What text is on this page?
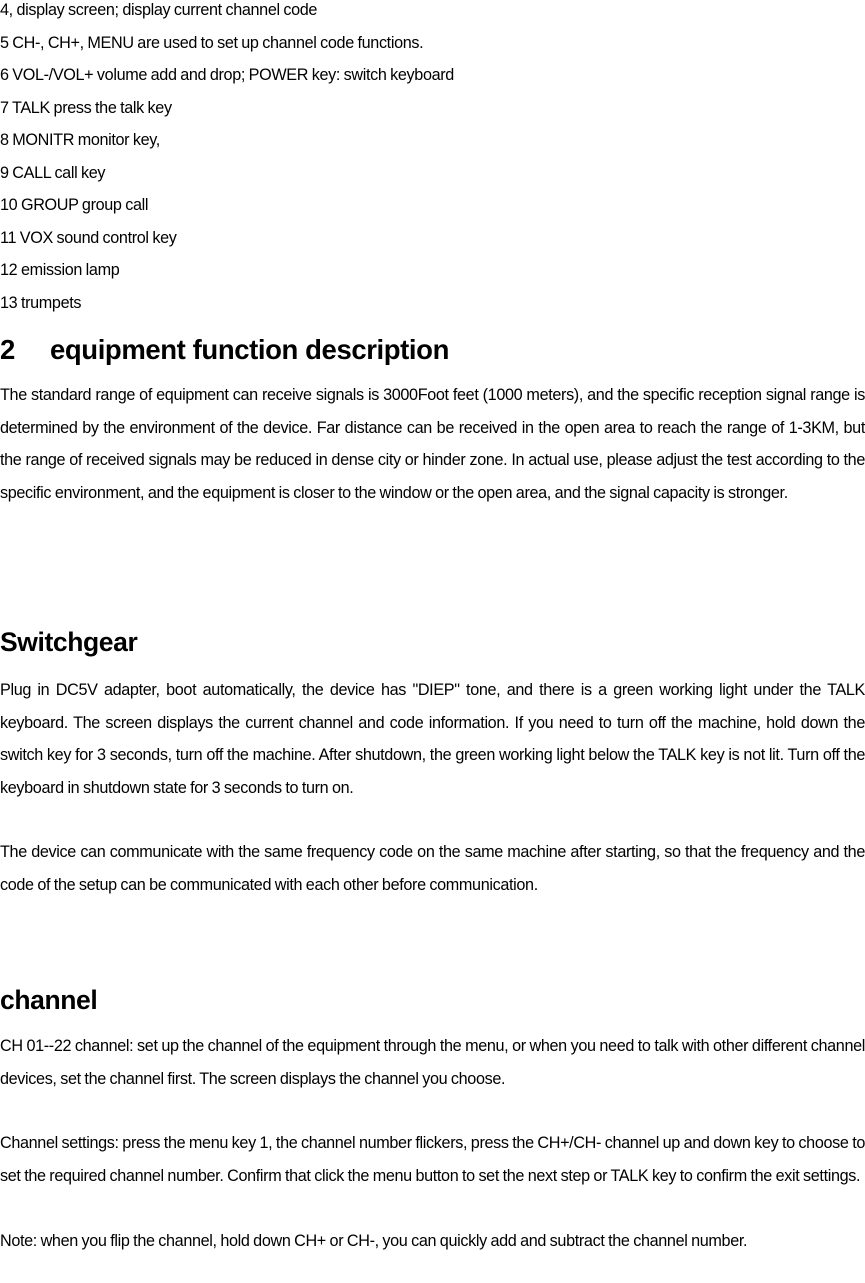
4, display screen; display current channel code
5 CH-, CH+, MENU are used to set up channel code functions.
6 VOL-/VOL+ volume add and drop; POWER key: switch keyboard
7 TALK press the talk key
8 MONITR monitor key,
9 CALL call key
10 GROUP group call
11 VOX sound control key
12 emission lamp
13 trumpets
2 equipment function description

The standard range of equipment can receive signals is 3000Foot feet (1000 meters), and the specific reception signal range is determined by the environment of the device. Far distance can be received in the open area to reach the range of 1-3KM, but the range of received signals may be reduced in dense city or hinder zone. In actual use, please adjust the test according to the specific environment, and the equipment is closer to the window or the open area, and the signal capacity is stronger.

Switchgear

Plug in DC5V adapter, boot automatically, the device has "DIEP" tone, and there is a green working light under the TALK keyboard. The screen displays the current channel and code information. If you need to turn off the machine, hold down the switch key for 3 seconds, turn off the machine. After shutdown, the green working light below the TALK key is not lit. Turn off the keyboard in shutdown state for 3 seconds to turn on.

The device can communicate with the same frequency code on the same machine after starting, so that the frequency and the code of the setup can be communicated with each other before communication.

channel

CH 01--22 channel: set up the channel of the equipment through the menu, or when you need to talk with other different channel devices, set the channel first. The screen displays the channel you choose.

Channel settings: press the menu key 1, the channel number flickers, press the CH+/CH- channel up and down key to choose to set the required channel number. Confirm that click the menu button to set the next step or TALK key to confirm the exit settings.

Note: when you flip the channel, hold down CH+ or CH-, you can quickly add and subtract the channel number.
